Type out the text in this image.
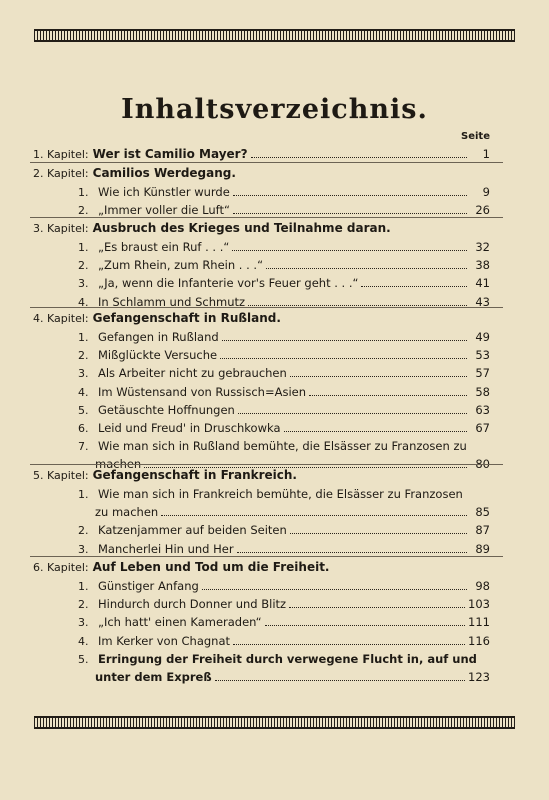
Inhaltsverzeichnis.
Seite
1. Kapitel: Wer ist Camilio Mayer?	1
2. Kapitel: Camilios Werdegang.
1. Wie ich Künstler wurde	9
2. „Immer voller die Luft“	26
3. Kapitel: Ausbruch des Krieges und Teilnahme daran.
1. „Es braust ein Ruf . . .“	32
2. „Zum Rhein, zum Rhein . . .“	38
3. „Ja, wenn die Infanterie vor's Feuer geht . . .“	41
4. In Schlamm und Schmutz	43
4. Kapitel: Gefangenschaft in Rußland.
1. Gefangen in Rußland	49
2. Mißglückte Versuche	53
3. Als Arbeiter nicht zu gebrauchen	57
4. Im Wüstensand von Russisch=Asien	58
5. Getäuschte Hoffnungen	63
6. Leid und Freud' in Druschkowka	67
7. Wie man sich in Rußland bemühte, die Elsässer zu Franzosen zu
machen	80
5. Kapitel: Gefangenschaft in Frankreich.
1. Wie man sich in Frankreich bemühte, die Elsässer zu Franzosen
zu machen	85
2. Katzenjammer auf beiden Seiten	87
3. Mancherlei Hin und Her	89
6. Kapitel: Auf Leben und Tod um die Freiheit.
1. Günstiger Anfang	98
2. Hindurch durch Donner und Blitz	103
3. „Ich hatt' einen Kameraden“	111
4. Im Kerker von Chagnat	116
5. Erringung der Freiheit durch verwegene Flucht in, auf und
unter dem Expreß	123
